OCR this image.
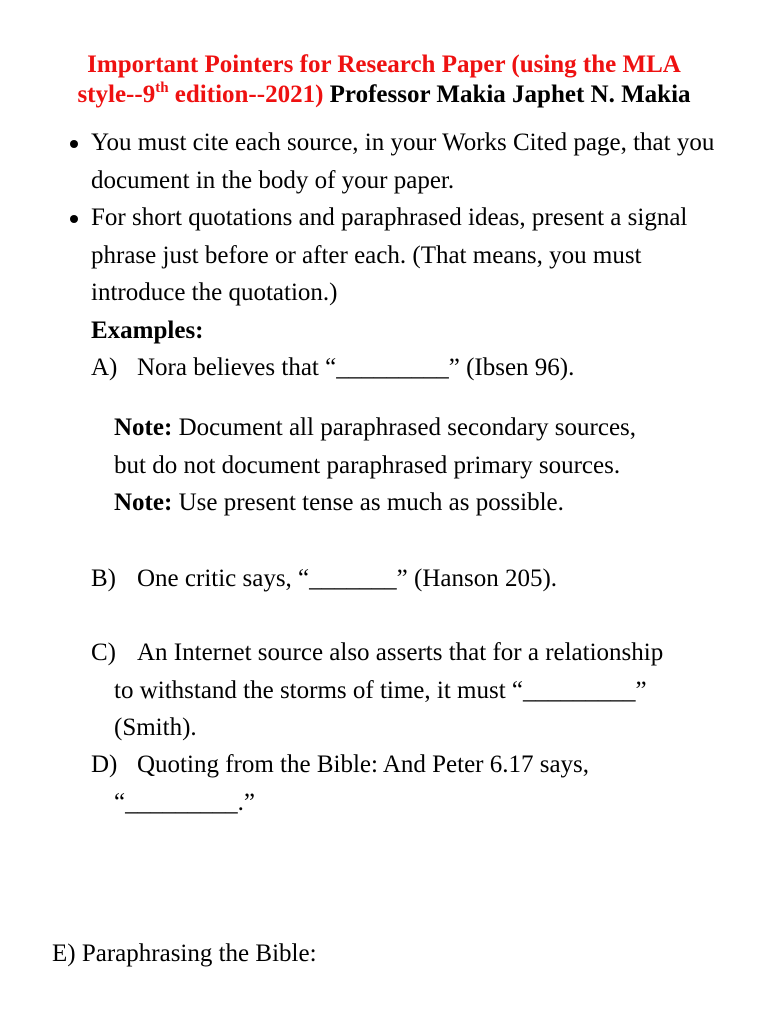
Important Pointers for Research Paper (using the MLA
style--9th edition--2021) Professor Makia Japhet N. Makia
You must cite each source, in your Works Cited page, that you document in the body of your paper.
For short quotations and paraphrased ideas, present a signal phrase just before or after each. (That means, you must introduce the quotation.)
Examples:
A) Nora believes that “_________” (Ibsen 96).
Note: Document all paraphrased secondary sources,
but do not document paraphrased primary sources.
Note: Use present tense as much as possible.
B) One critic says, “_______” (Hanson 205).
C) An Internet source also asserts that for a relationship
to withstand the storms of time, it must “_________”
(Smith).
D) Quoting from the Bible: And Peter 6.17 says,
“_________.”
E) Paraphrasing the Bible:
